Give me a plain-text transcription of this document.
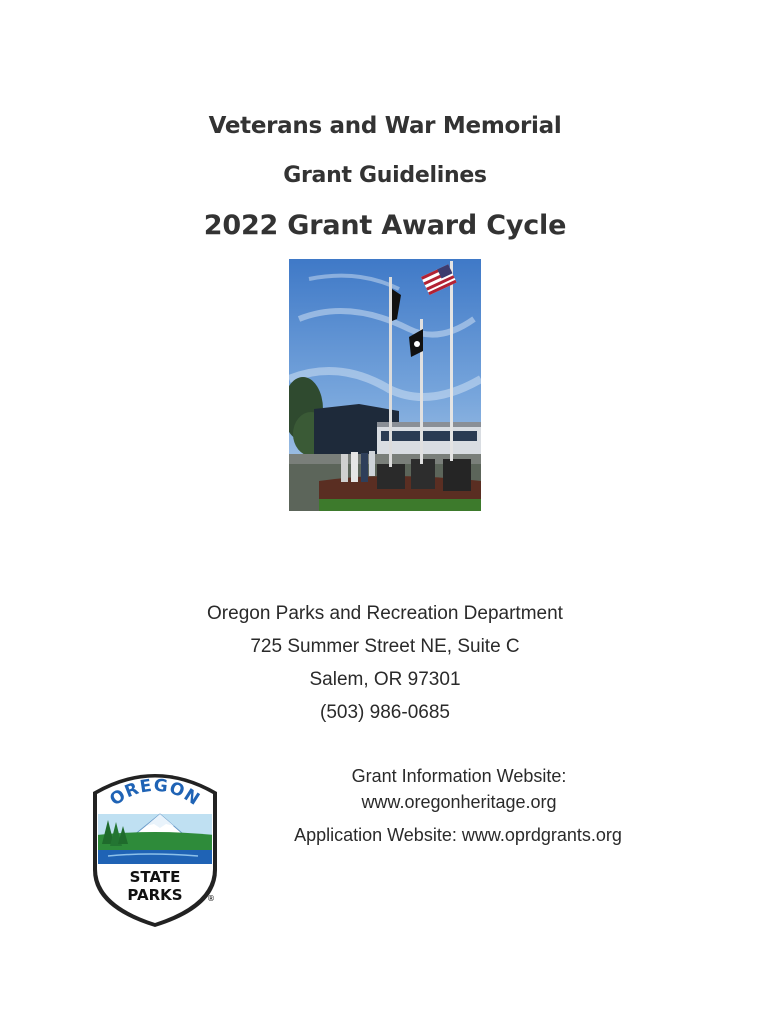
Veterans and War Memorial
Grant Guidelines
2022 Grant Award Cycle
Oregon Parks and Recreation Department
725 Summer Street NE, Suite C
Salem, OR 97301
(503) 986-0685
Grant Information Website:
www.oregonheritage.org
Application Website: www.oprdgrants.org
OREGON
STATE
PARKS	®
